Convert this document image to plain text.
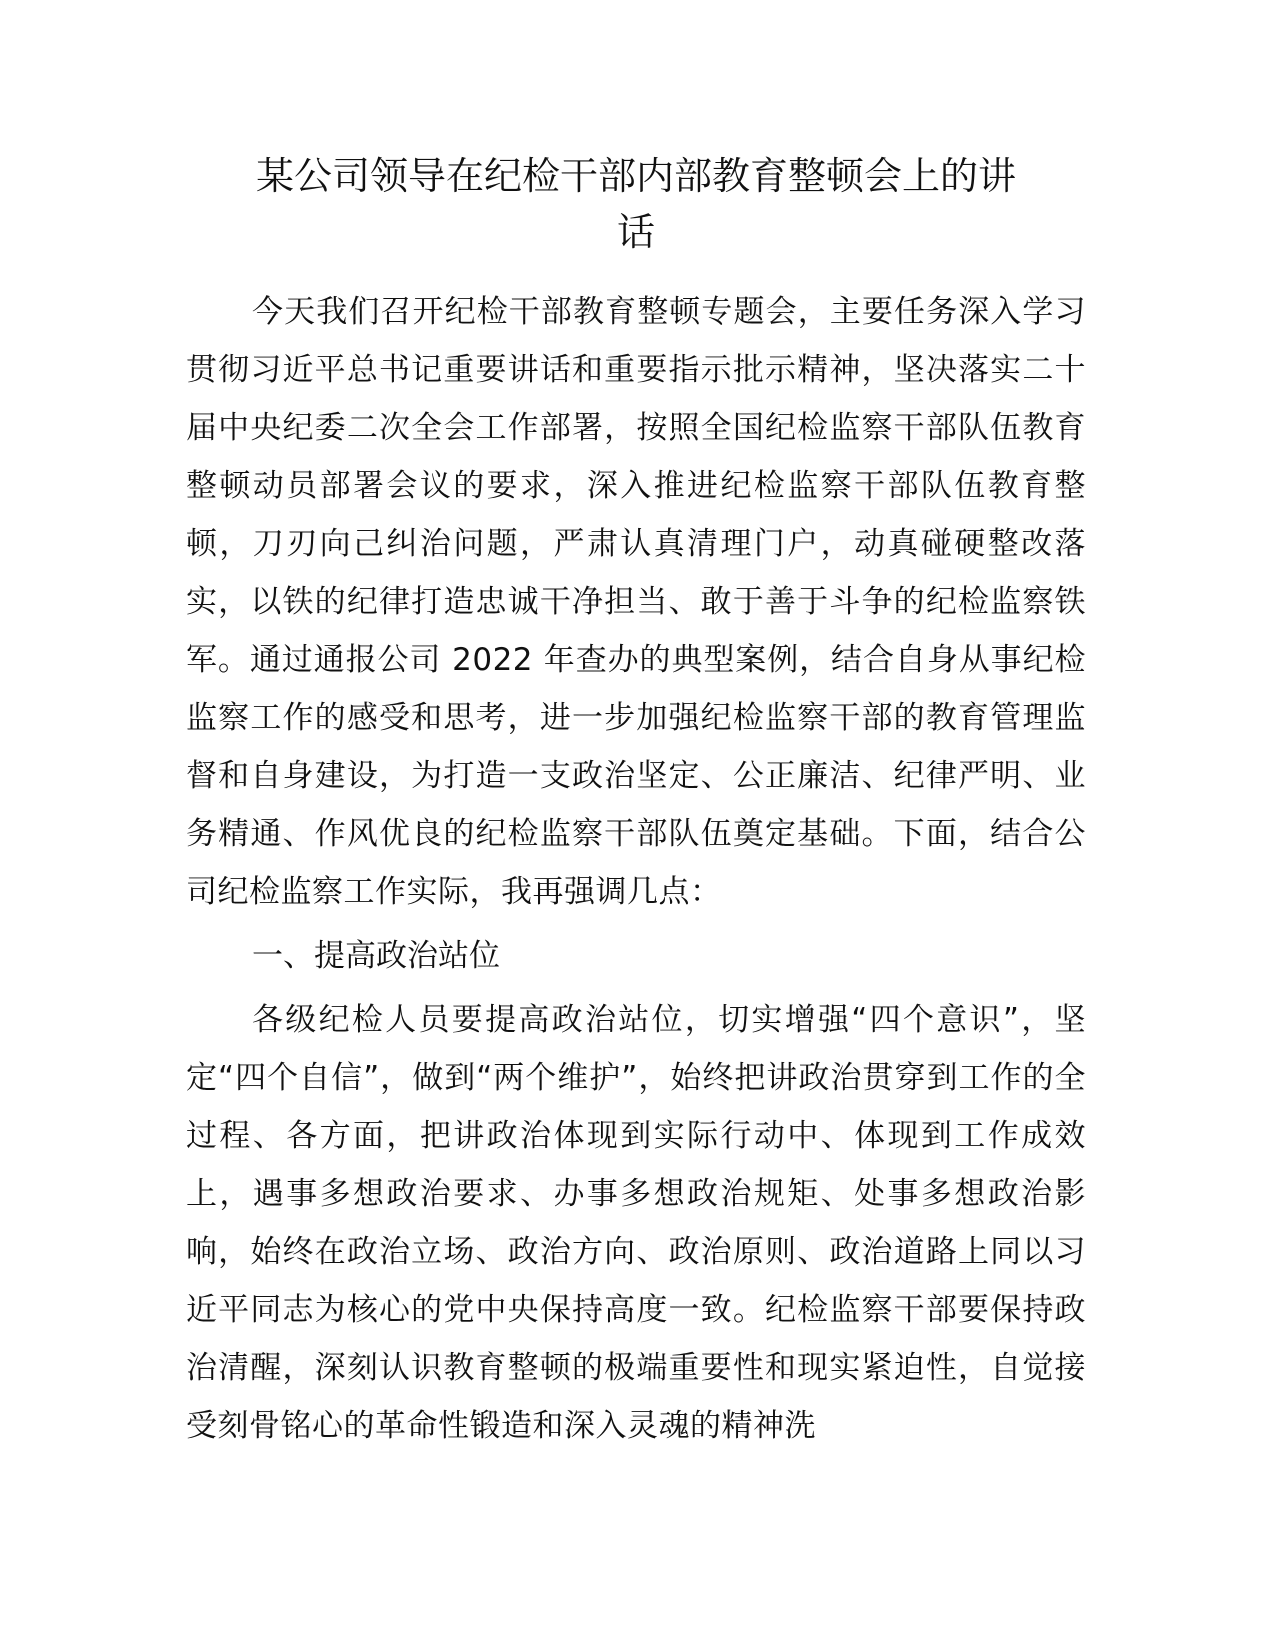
某公司领导在纪检干部内部教育整顿会上的讲
话

今天我们召开纪检干部教育整顿专题会，主要任务深入学习贯彻习近平总书记重要讲话和重要指示批示精神，坚决落实二十届中央纪委二次全会工作部署，按照全国纪检监察干部队伍教育整顿动员部署会议的要求，深入推进纪检监察干部队伍教育整顿，刀刃向己纠治问题，严肃认真清理门户，动真碰硬整改落实，以铁的纪律打造忠诚干净担当、敢于善于斗争的纪检监察铁军。通过通报公司 2022 年查办的典型案例，结合自身从事纪检监察工作的感受和思考，进一步加强纪检监察干部的教育管理监督和自身建设，为打造一支政治坚定、公正廉洁、纪律严明、业务精通、作风优良的纪检监察干部队伍奠定基础。下面，结合公司纪检监察工作实际，我再强调几点：

一、提高政治站位

各级纪检人员要提高政治站位，切实增强“四个意识”，坚定“四个自信”，做到“两个维护”，始终把讲政治贯穿到工作的全过程、各方面，把讲政治体现到实际行动中、体现到工作成效上，遇事多想政治要求、办事多想政治规矩、处事多想政治影响，始终在政治立场、政治方向、政治原则、政治道路上同以习近平同志为核心的党中央保持高度一致。纪检监察干部要保持政治清醒，深刻认识教育整顿的极端重要性和现实紧迫性，自觉接受刻骨铭心的革命性锻造和深入灵魂的精神洗
